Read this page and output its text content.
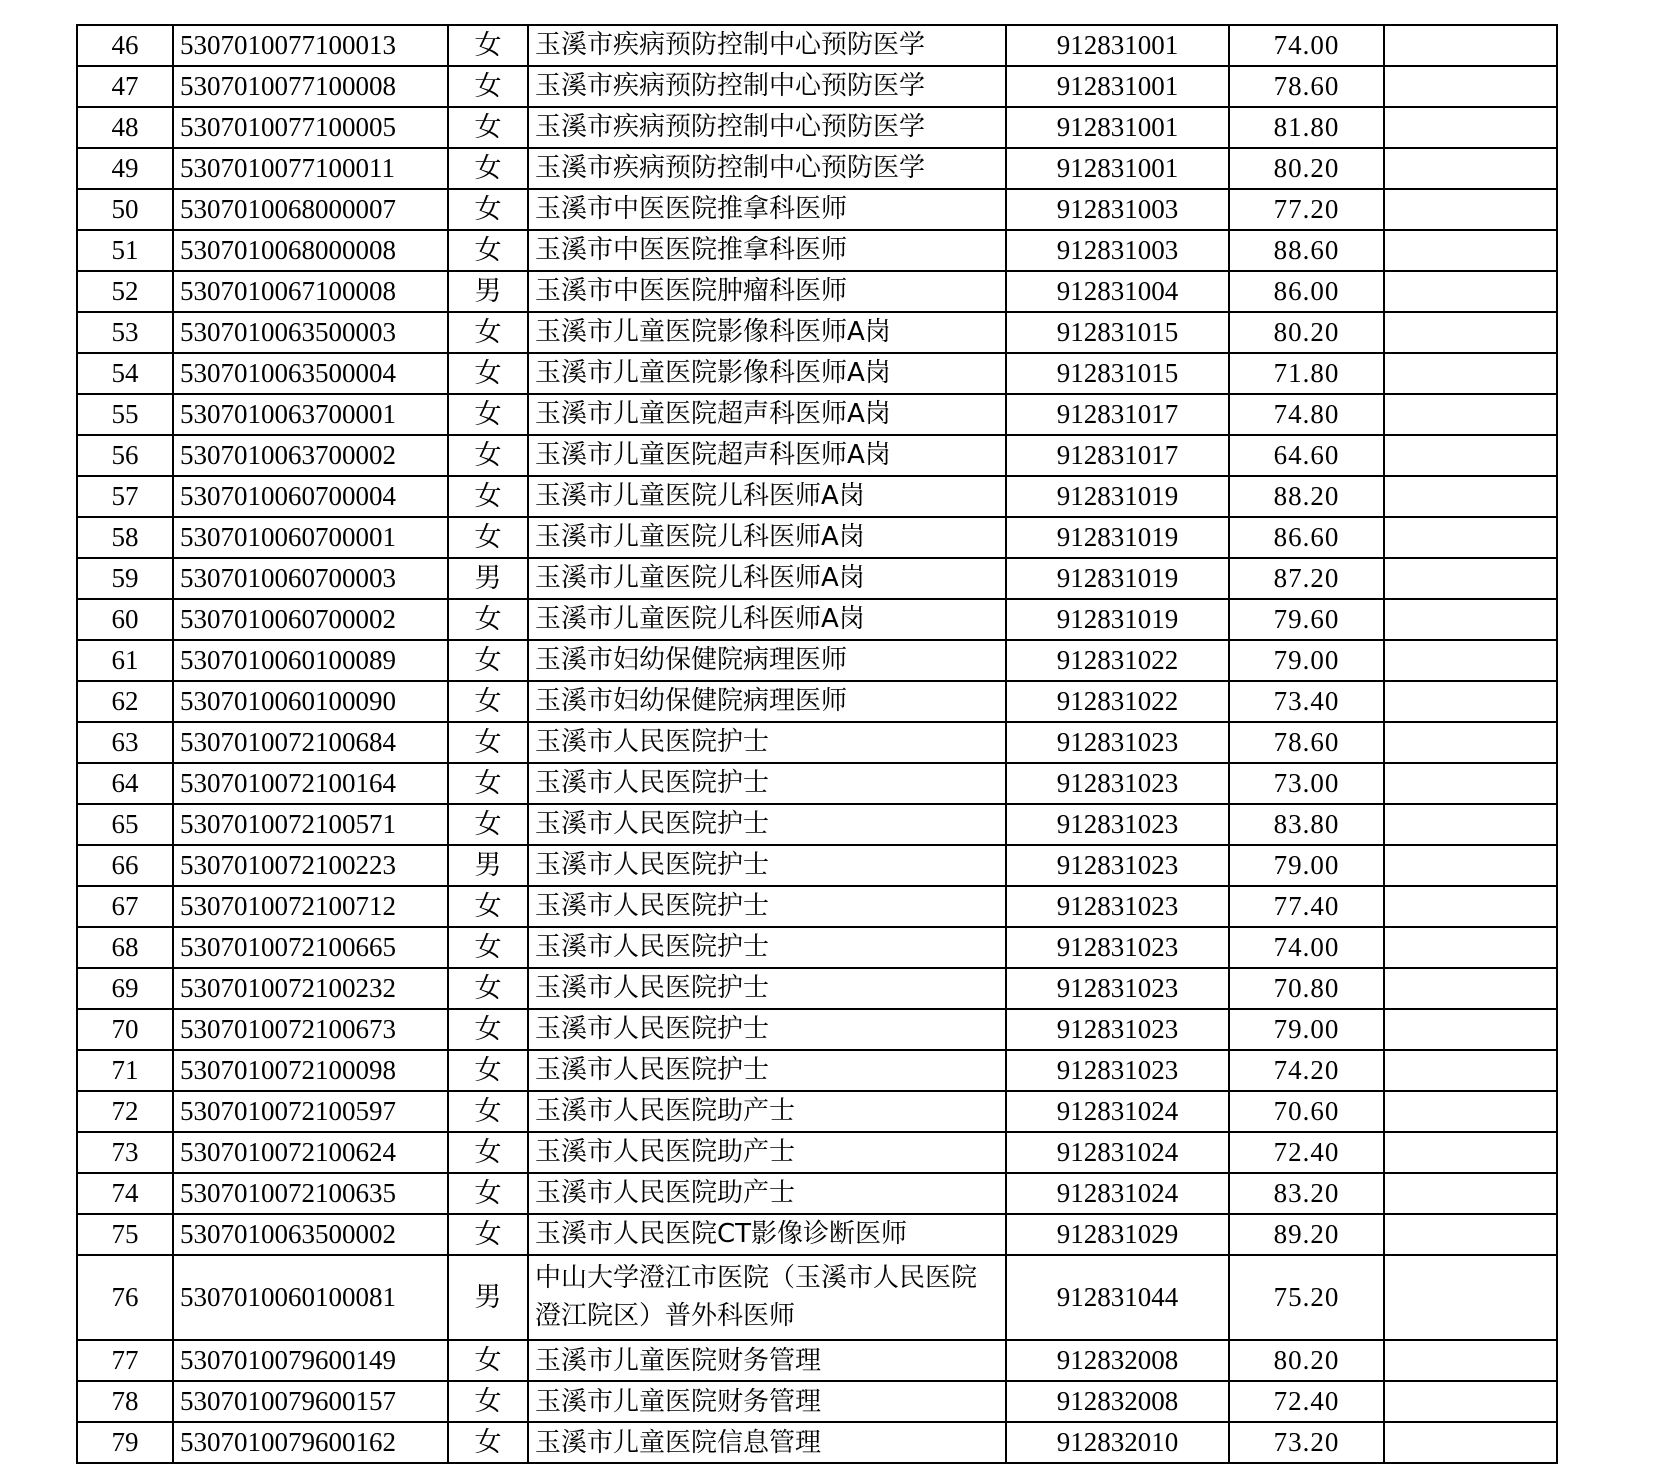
46	5307010077100013	女	玉溪市疾病预防控制中心预防医学	912831001	74.00	
47	5307010077100008	女	玉溪市疾病预防控制中心预防医学	912831001	78.60	
48	5307010077100005	女	玉溪市疾病预防控制中心预防医学	912831001	81.80	
49	5307010077100011	女	玉溪市疾病预防控制中心预防医学	912831001	80.20	
50	5307010068000007	女	玉溪市中医医院推拿科医师	912831003	77.20	
51	5307010068000008	女	玉溪市中医医院推拿科医师	912831003	88.60	
52	5307010067100008	男	玉溪市中医医院肿瘤科医师	912831004	86.00	
53	5307010063500003	女	玉溪市儿童医院影像科医师A岗	912831015	80.20	
54	5307010063500004	女	玉溪市儿童医院影像科医师A岗	912831015	71.80	
55	5307010063700001	女	玉溪市儿童医院超声科医师A岗	912831017	74.80	
56	5307010063700002	女	玉溪市儿童医院超声科医师A岗	912831017	64.60	
57	5307010060700004	女	玉溪市儿童医院儿科医师A岗	912831019	88.20	
58	5307010060700001	女	玉溪市儿童医院儿科医师A岗	912831019	86.60	
59	5307010060700003	男	玉溪市儿童医院儿科医师A岗	912831019	87.20	
60	5307010060700002	女	玉溪市儿童医院儿科医师A岗	912831019	79.60	
61	5307010060100089	女	玉溪市妇幼保健院病理医师	912831022	79.00	
62	5307010060100090	女	玉溪市妇幼保健院病理医师	912831022	73.40	
63	5307010072100684	女	玉溪市人民医院护士	912831023	78.60	
64	5307010072100164	女	玉溪市人民医院护士	912831023	73.00	
65	5307010072100571	女	玉溪市人民医院护士	912831023	83.80	
66	5307010072100223	男	玉溪市人民医院护士	912831023	79.00	
67	5307010072100712	女	玉溪市人民医院护士	912831023	77.40	
68	5307010072100665	女	玉溪市人民医院护士	912831023	74.00	
69	5307010072100232	女	玉溪市人民医院护士	912831023	70.80	
70	5307010072100673	女	玉溪市人民医院护士	912831023	79.00	
71	5307010072100098	女	玉溪市人民医院护士	912831023	74.20	
72	5307010072100597	女	玉溪市人民医院助产士	912831024	70.60	
73	5307010072100624	女	玉溪市人民医院助产士	912831024	72.40	
74	5307010072100635	女	玉溪市人民医院助产士	912831024	83.20	
75	5307010063500002	女	玉溪市人民医院CT影像诊断医师	912831029	89.20	
76	5307010060100081	男	中山大学澄江市医院（玉溪市人民医院澄江院区）普外科医师	912831044	75.20	
77	5307010079600149	女	玉溪市儿童医院财务管理	912832008	80.20	
78	5307010079600157	女	玉溪市儿童医院财务管理	912832008	72.40	
79	5307010079600162	女	玉溪市儿童医院信息管理	912832010	73.20	
